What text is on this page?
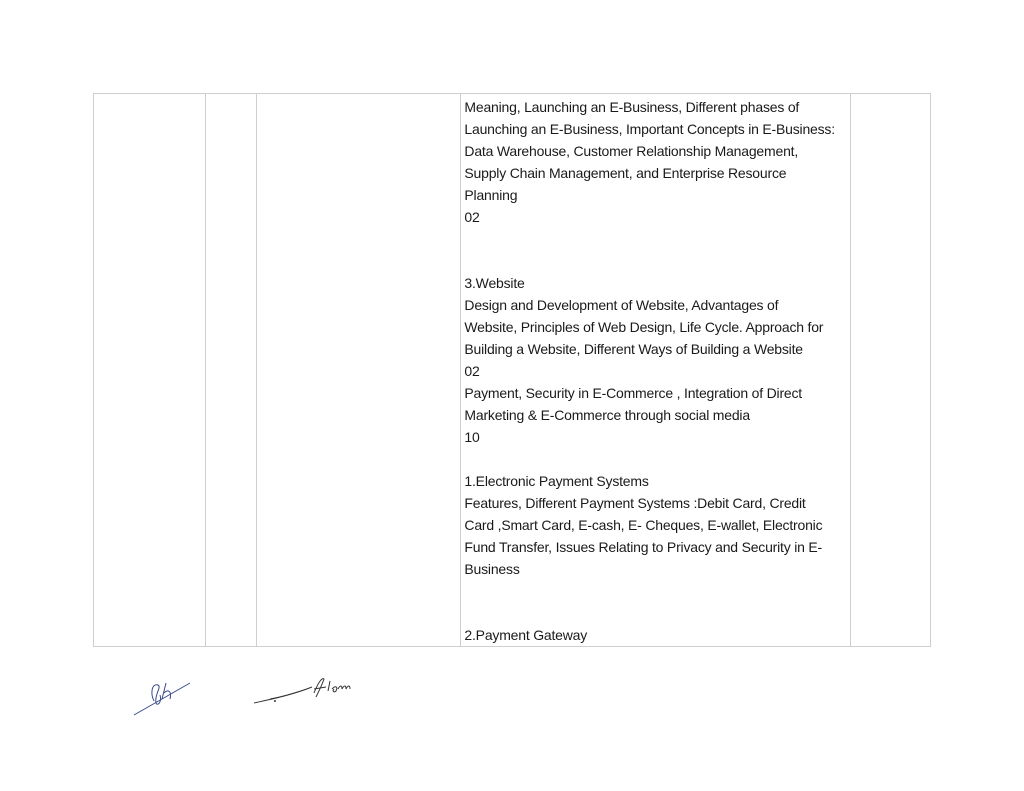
Meaning, Launching an E-Business, Different phases of
Launching an E-Business, Important Concepts in E-Business:
Data Warehouse, Customer Relationship Management,
Supply Chain Management, and Enterprise Resource
Planning
02
3.Website
Design and Development of Website, Advantages of
Website, Principles of Web Design, Life Cycle. Approach for
Building a Website, Different Ways of Building a Website
02
Payment, Security in E-Commerce , Integration of Direct
Marketing & E-Commerce through social media
10
1.Electronic Payment Systems
Features, Different Payment Systems :Debit Card, Credit
Card ,Smart Card, E-cash, E- Cheques, E-wallet, Electronic
Fund Transfer, Issues Relating to Privacy and Security in E-
Business
2.Payment Gateway
